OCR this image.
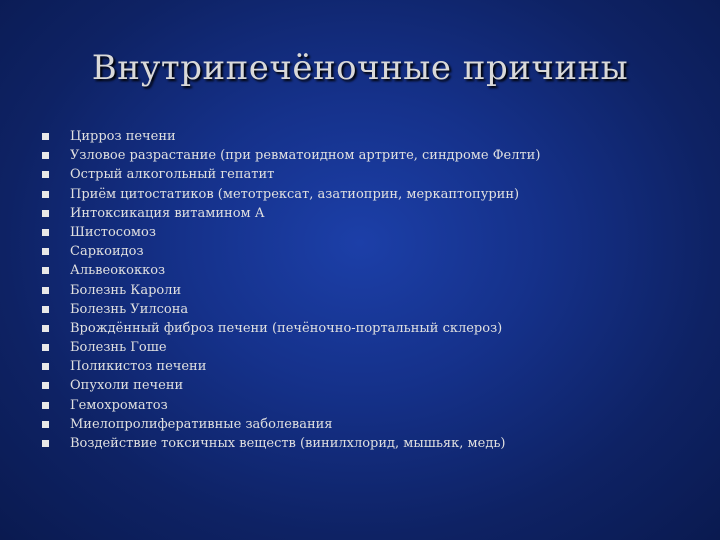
Внутрипечёночные причины
Цирроз печени
Узловое разрастание (при ревматоидном артрите, синдроме Фелти)
Острый алкогольный гепатит
Приём цитостатиков (метотрексат, азатиоприн, меркаптопурин)
Интоксикация витамином А
Шистосомоз
Саркоидоз
Альвеококкоз
Болезнь Кароли
Болезнь Уилсона
Врождённый фиброз печени (печёночно-портальный склероз)
Болезнь Гоше
Поликистоз печени
Опухоли печени
Гемохроматоз
Миелопролиферативные заболевания
Воздействие токсичных веществ (винилхлорид, мышьяк, медь)
